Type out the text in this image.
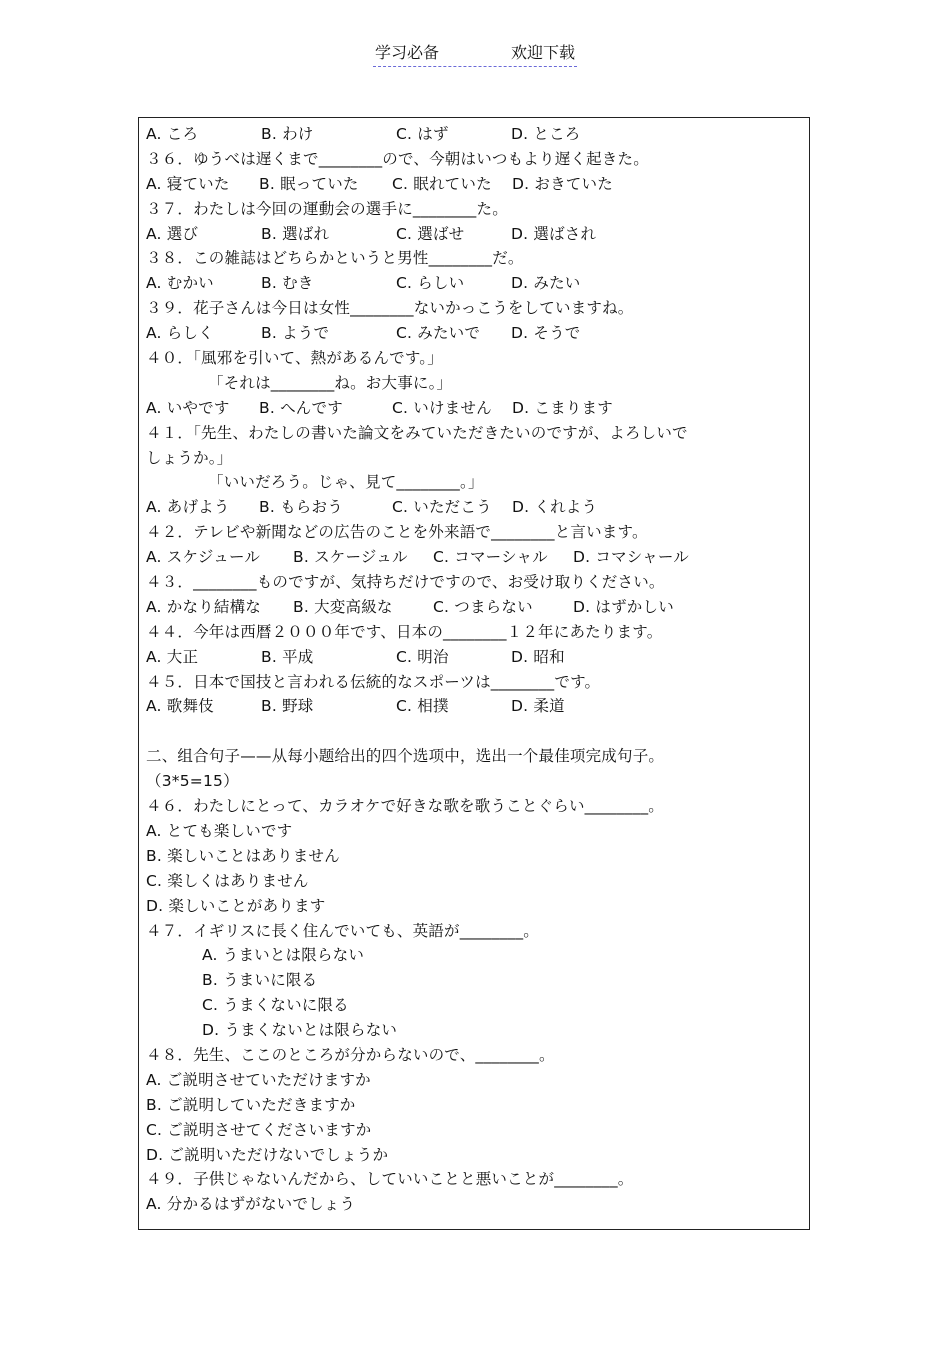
学习必备	欢迎下载
A. ころ	B. わけ	C. はず	D. ところ
３６．ゆうべは遅くまで________ので、今朝はいつもより遅く起きた。
A. 寝ていた	B. 眠っていた	C. 眠れていた	D. おきていた
３７．わたしは今回の運動会の選手に________た。
A. 選び	B. 選ばれ	C. 選ばせ	D. 選ばされ
３８．この雑誌はどちらかというと男性________だ。
A. むかい	B. むき	C. らしい	D. みたい
３９．花子さんは今日は女性________ないかっこうをしていますね。
A. らしく	B. ようで	C. みたいで	D. そうで
４０．「風邪を引いて、熱があるんです。」
「それは________ね。お大事に。」
A. いやです	B. へんです	C. いけません	D. こまります
４１．「先生、わたしの書いた論文をみていただきたいのですが、よろしいで
しょうか。」
「いいだろう。じゃ、見て________。」
A. あげよう	B. もらおう	C. いただこう	D. くれよう
４２．テレビや新聞などの広告のことを外来語で________と言います。
A. スケジュール	B. スケージュル	C. コマーシャル	D. コマシャール
４３．________ものですが、気持ちだけですので、お受け取りください。
A. かなり結構な	B. 大変高級な	C. つまらない	D. はずかしい
４４．今年は西暦２０００年です、日本の________１２年にあたります。
A. 大正	B. 平成	C. 明治	D. 昭和
４５．日本で国技と言われる伝統的なスポーツは________です。
A. 歌舞伎	B. 野球	C. 相撲	D. 柔道
二、组合句子——从每小题给出的四个选项中，选出一个最佳项完成句子。
（3*5=15）
４６．わたしにとって、カラオケで好きな歌を歌うことぐらい________。
A. とても楽しいです
B. 楽しいことはありません
C. 楽しくはありません
D. 楽しいことがあります
４７．イギリスに長く住んでいても、英語が________。
A. うまいとは限らない
B. うまいに限る
C. うまくないに限る
D. うまくないとは限らない
４８．先生、ここのところが分からないので、________。
A. ご説明させていただけますか
B. ご説明していただきますか
C. ご説明させてくださいますか
D. ご説明いただけないでしょうか
４９．子供じゃないんだから、していいことと悪いことが________。
A. 分かるはずがないでしょう
